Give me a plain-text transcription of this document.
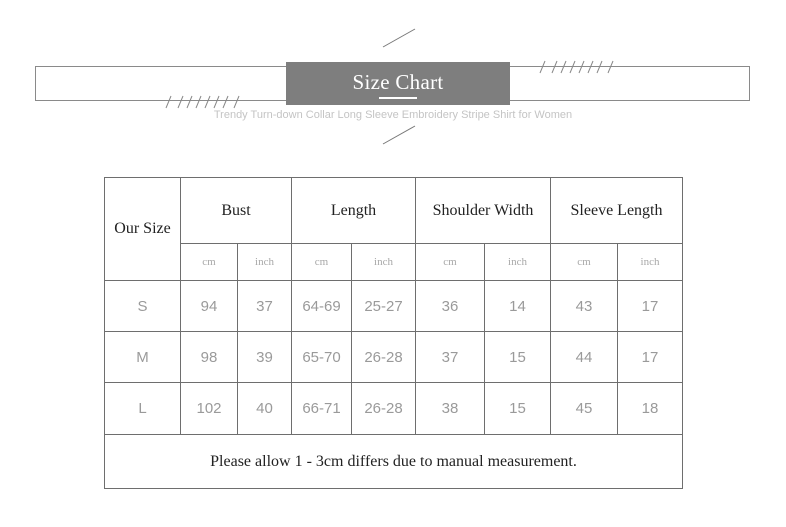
Size Chart
Trendy Turn-down Collar Long Sleeve Embroidery Stripe Shirt for Women
Our Size	Bust		Length		Shoulder Width		Sleeve Length	
	cm	inch	cm	inch	cm	inch	cm	inch
S	94	37	64-69	25-27	36	14	43	17
M	98	39	65-70	26-28	37	15	44	17
L	102	40	66-71	26-28	38	15	45	18
Please allow 1 - 3cm differs due to manual measurement.								
